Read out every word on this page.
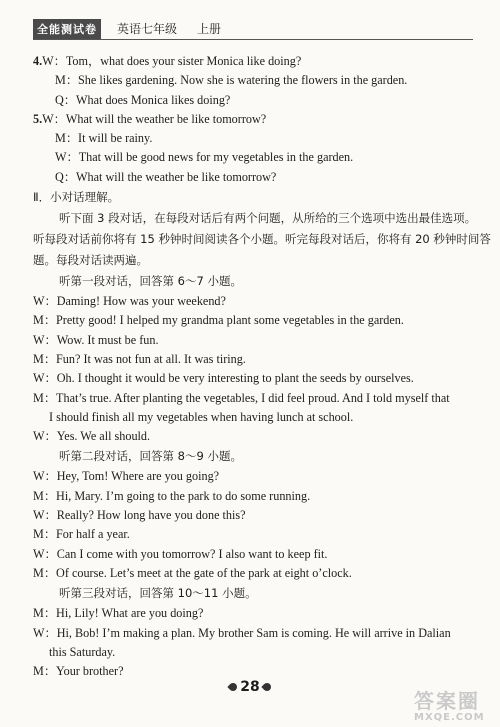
全能测试卷	英语七年级 上册
4.W：Tom，what does your sister Monica like doing?
M：She likes gardening. Now she is watering the flowers in the garden.
Q：What does Monica likes doing?
5.W：What will the weather be like tomorrow?
M：It will be rainy.
W：That will be good news for my vegetables in the garden.
Q：What will the weather be like tomorrow?
Ⅱ．小对话理解。
听下面 3 段对话，在每段对话后有两个问题，从所给的三个选项中选出最佳选项。
听每段对话前你将有 15 秒钟时间阅读各个小题。听完每段对话后，你将有 20 秒钟时间答
题。每段对话读两遍。
听第一段对话，回答第 6～7 小题。
W：Daming! How was your weekend?
M：Pretty good! I helped my grandma plant some vegetables in the garden.
W：Wow. It must be fun.
M：Fun? It was not fun at all. It was tiring.
W：Oh. I thought it would be very interesting to plant the seeds by ourselves.
M：That’s true. After planting the vegetables, I did feel proud. And I told myself that
I should finish all my vegetables when having lunch at school.
W：Yes. We all should.
听第二段对话，回答第 8～9 小题。
W：Hey, Tom! Where are you going?
M：Hi, Mary. I’m going to the park to do some running.
W：Really? How long have you done this?
M：For half a year.
W：Can I come with you tomorrow? I also want to keep fit.
M：Of course. Let’s meet at the gate of the park at eight o’clock.
听第三段对话，回答第 10～11 小题。
M：Hi, Lily! What are you doing?
W：Hi, Bob! I’m making a plan. My brother Sam is coming. He will arrive in Dalian
this Saturday.
M：Your brother?
28
答案圈
MXQE.COM
